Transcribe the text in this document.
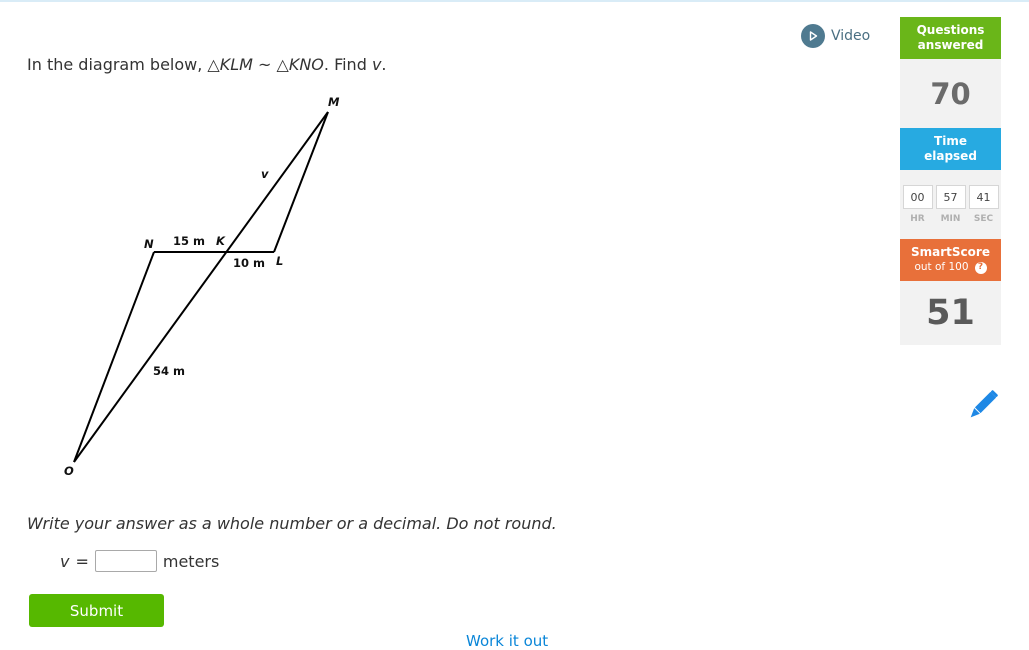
In the diagram below, △KLM ~ △KNO. Find v.
M
v
N 15 m K
10 m L
54 m
O
Write your answer as a whole number or a decimal. Do not round.
v =	meters
Submit
Work it out
Video	Questions
answered
70
Time
elapsed
00
HR
57
MIN
41
SEC
SmartScore
out of 100	?
51
